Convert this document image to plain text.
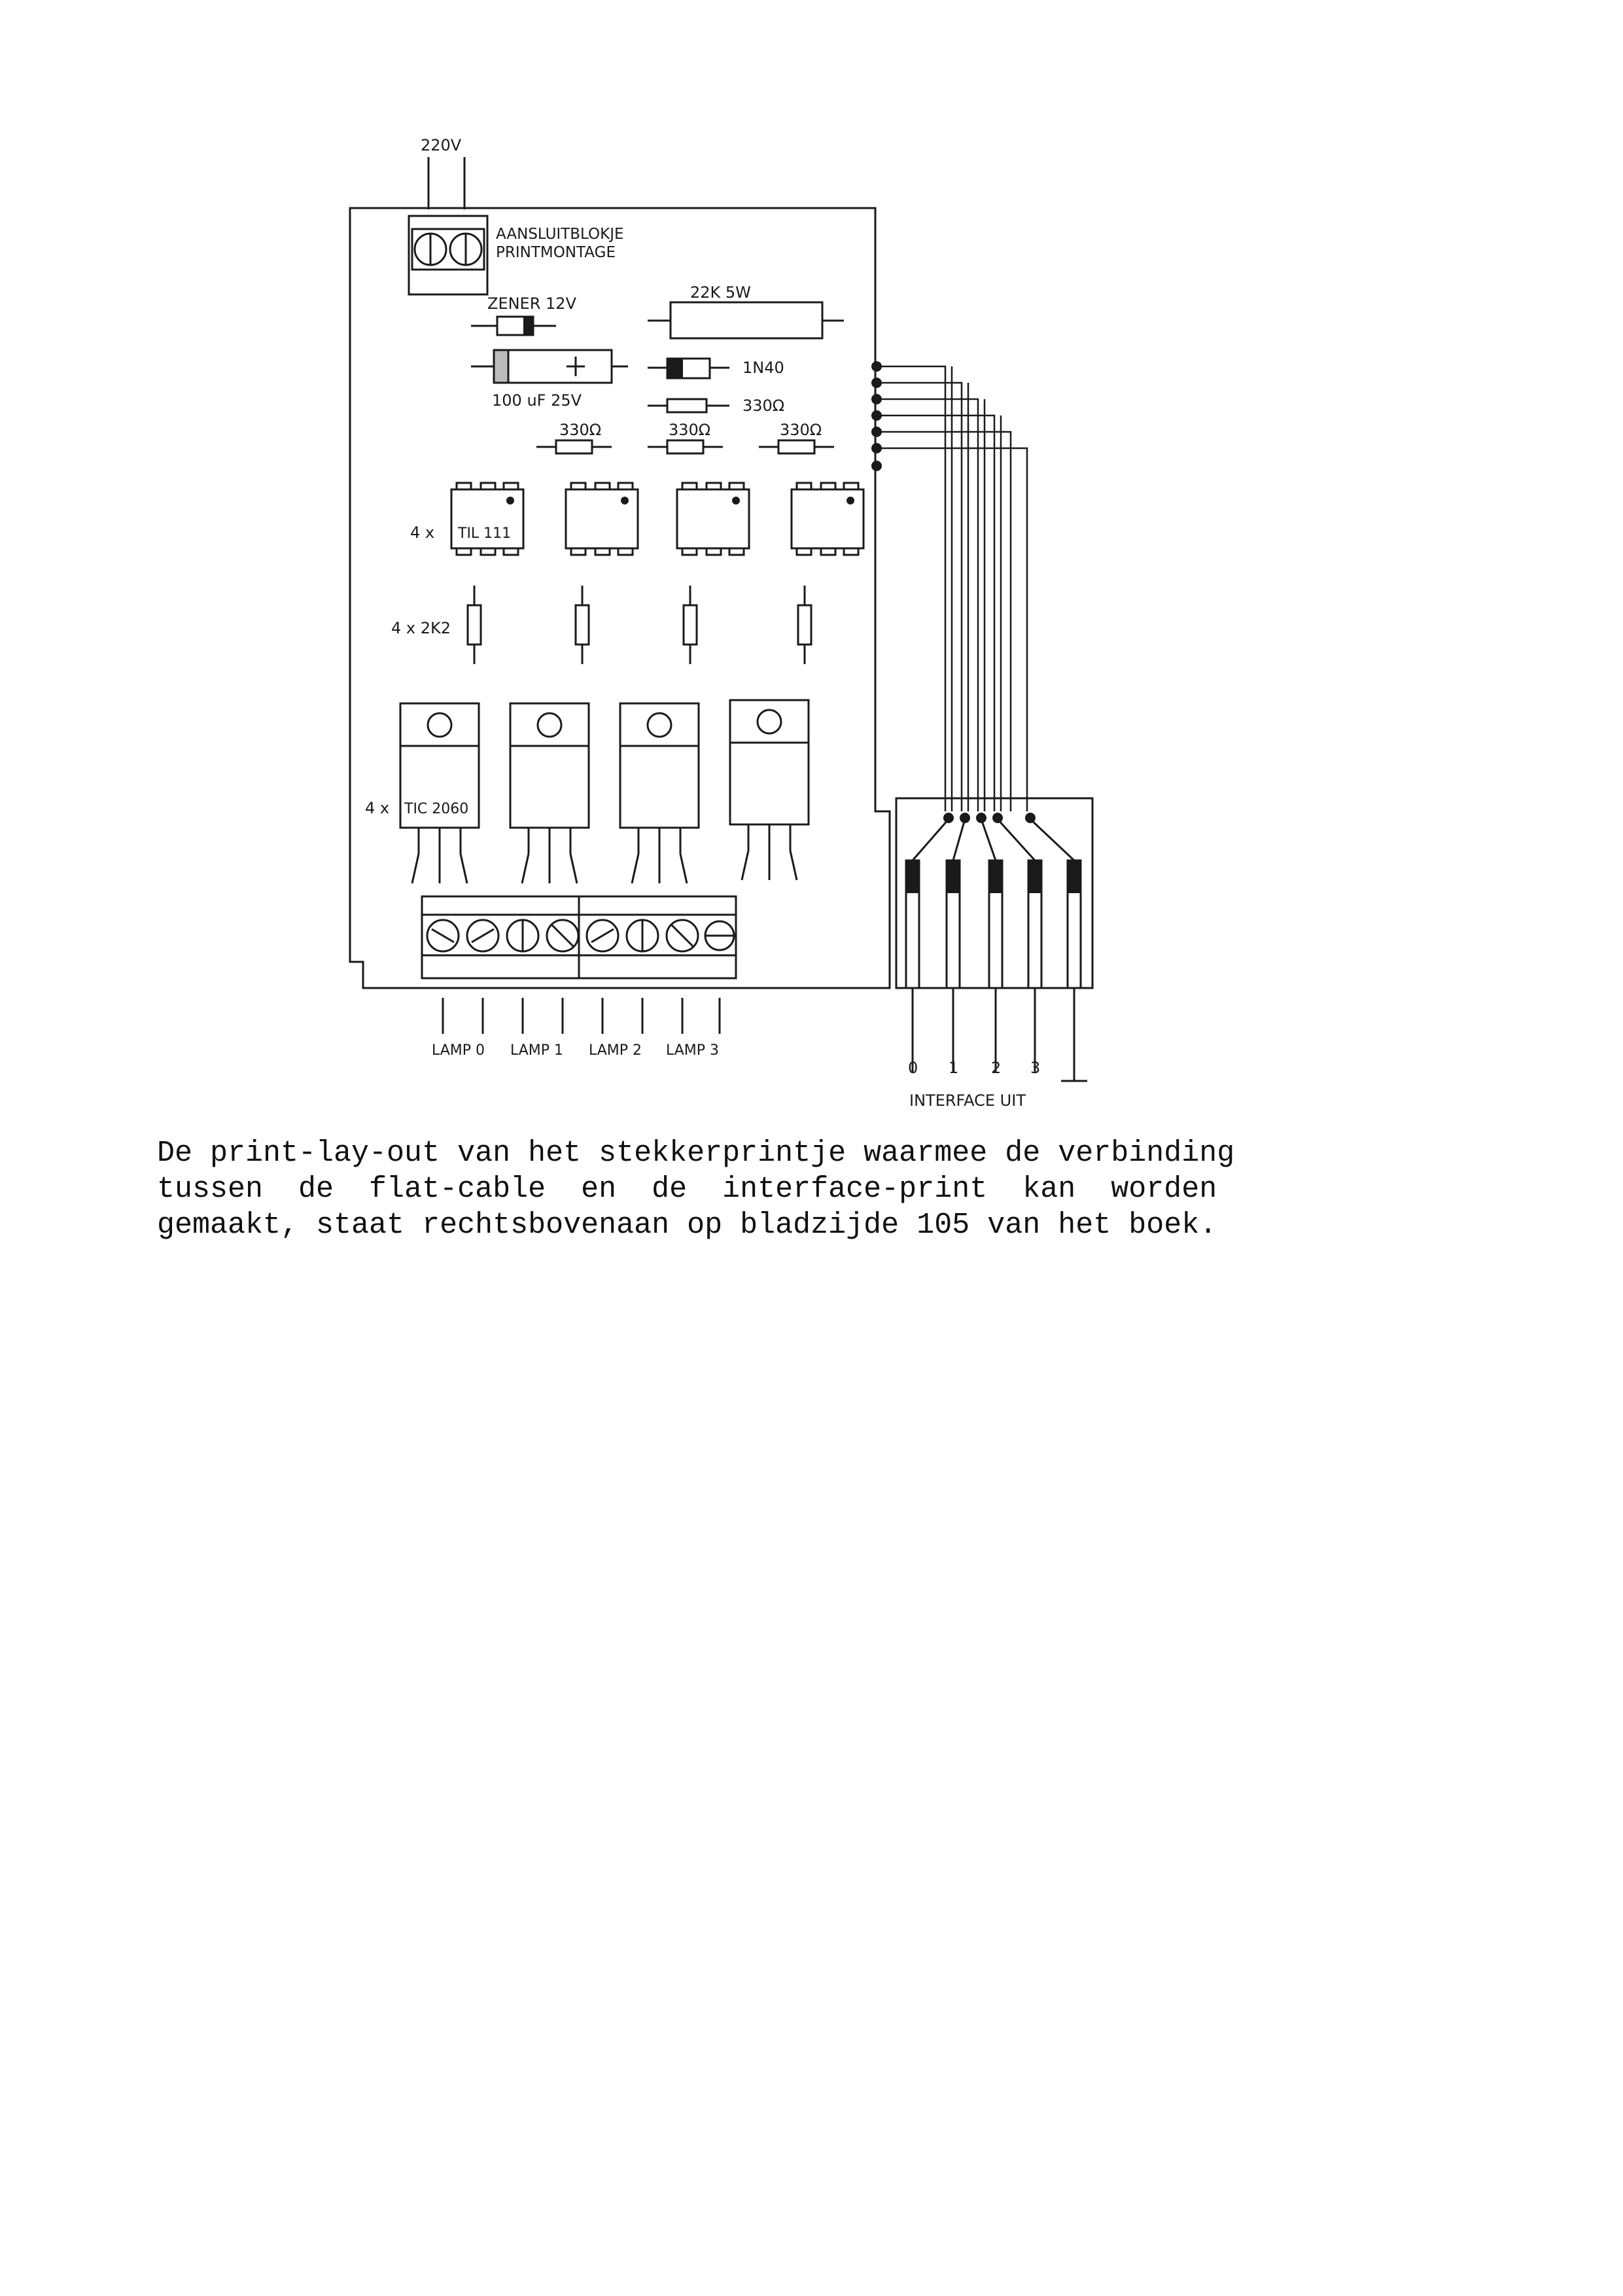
220V
AANSLUITBLOKJE
PRINTMONTAGE
ZENER 12V
100 uF 25V
22K 5W
1N40
330Ω
330Ω	330Ω	330Ω
4 x TIL 111
4 x 2K2
4 x TIC 2060
LAMP 0 LAMP 1 LAMP 2 LAMP 3
0 1 2 3
INTERFACE UIT
De print-lay-out van het stekkerprintje waarmee de verbinding
tussen  de  flat-cable  en  de  interface-print  kan  worden
gemaakt, staat rechtsbovenaan op bladzijde 105 van het boek.
